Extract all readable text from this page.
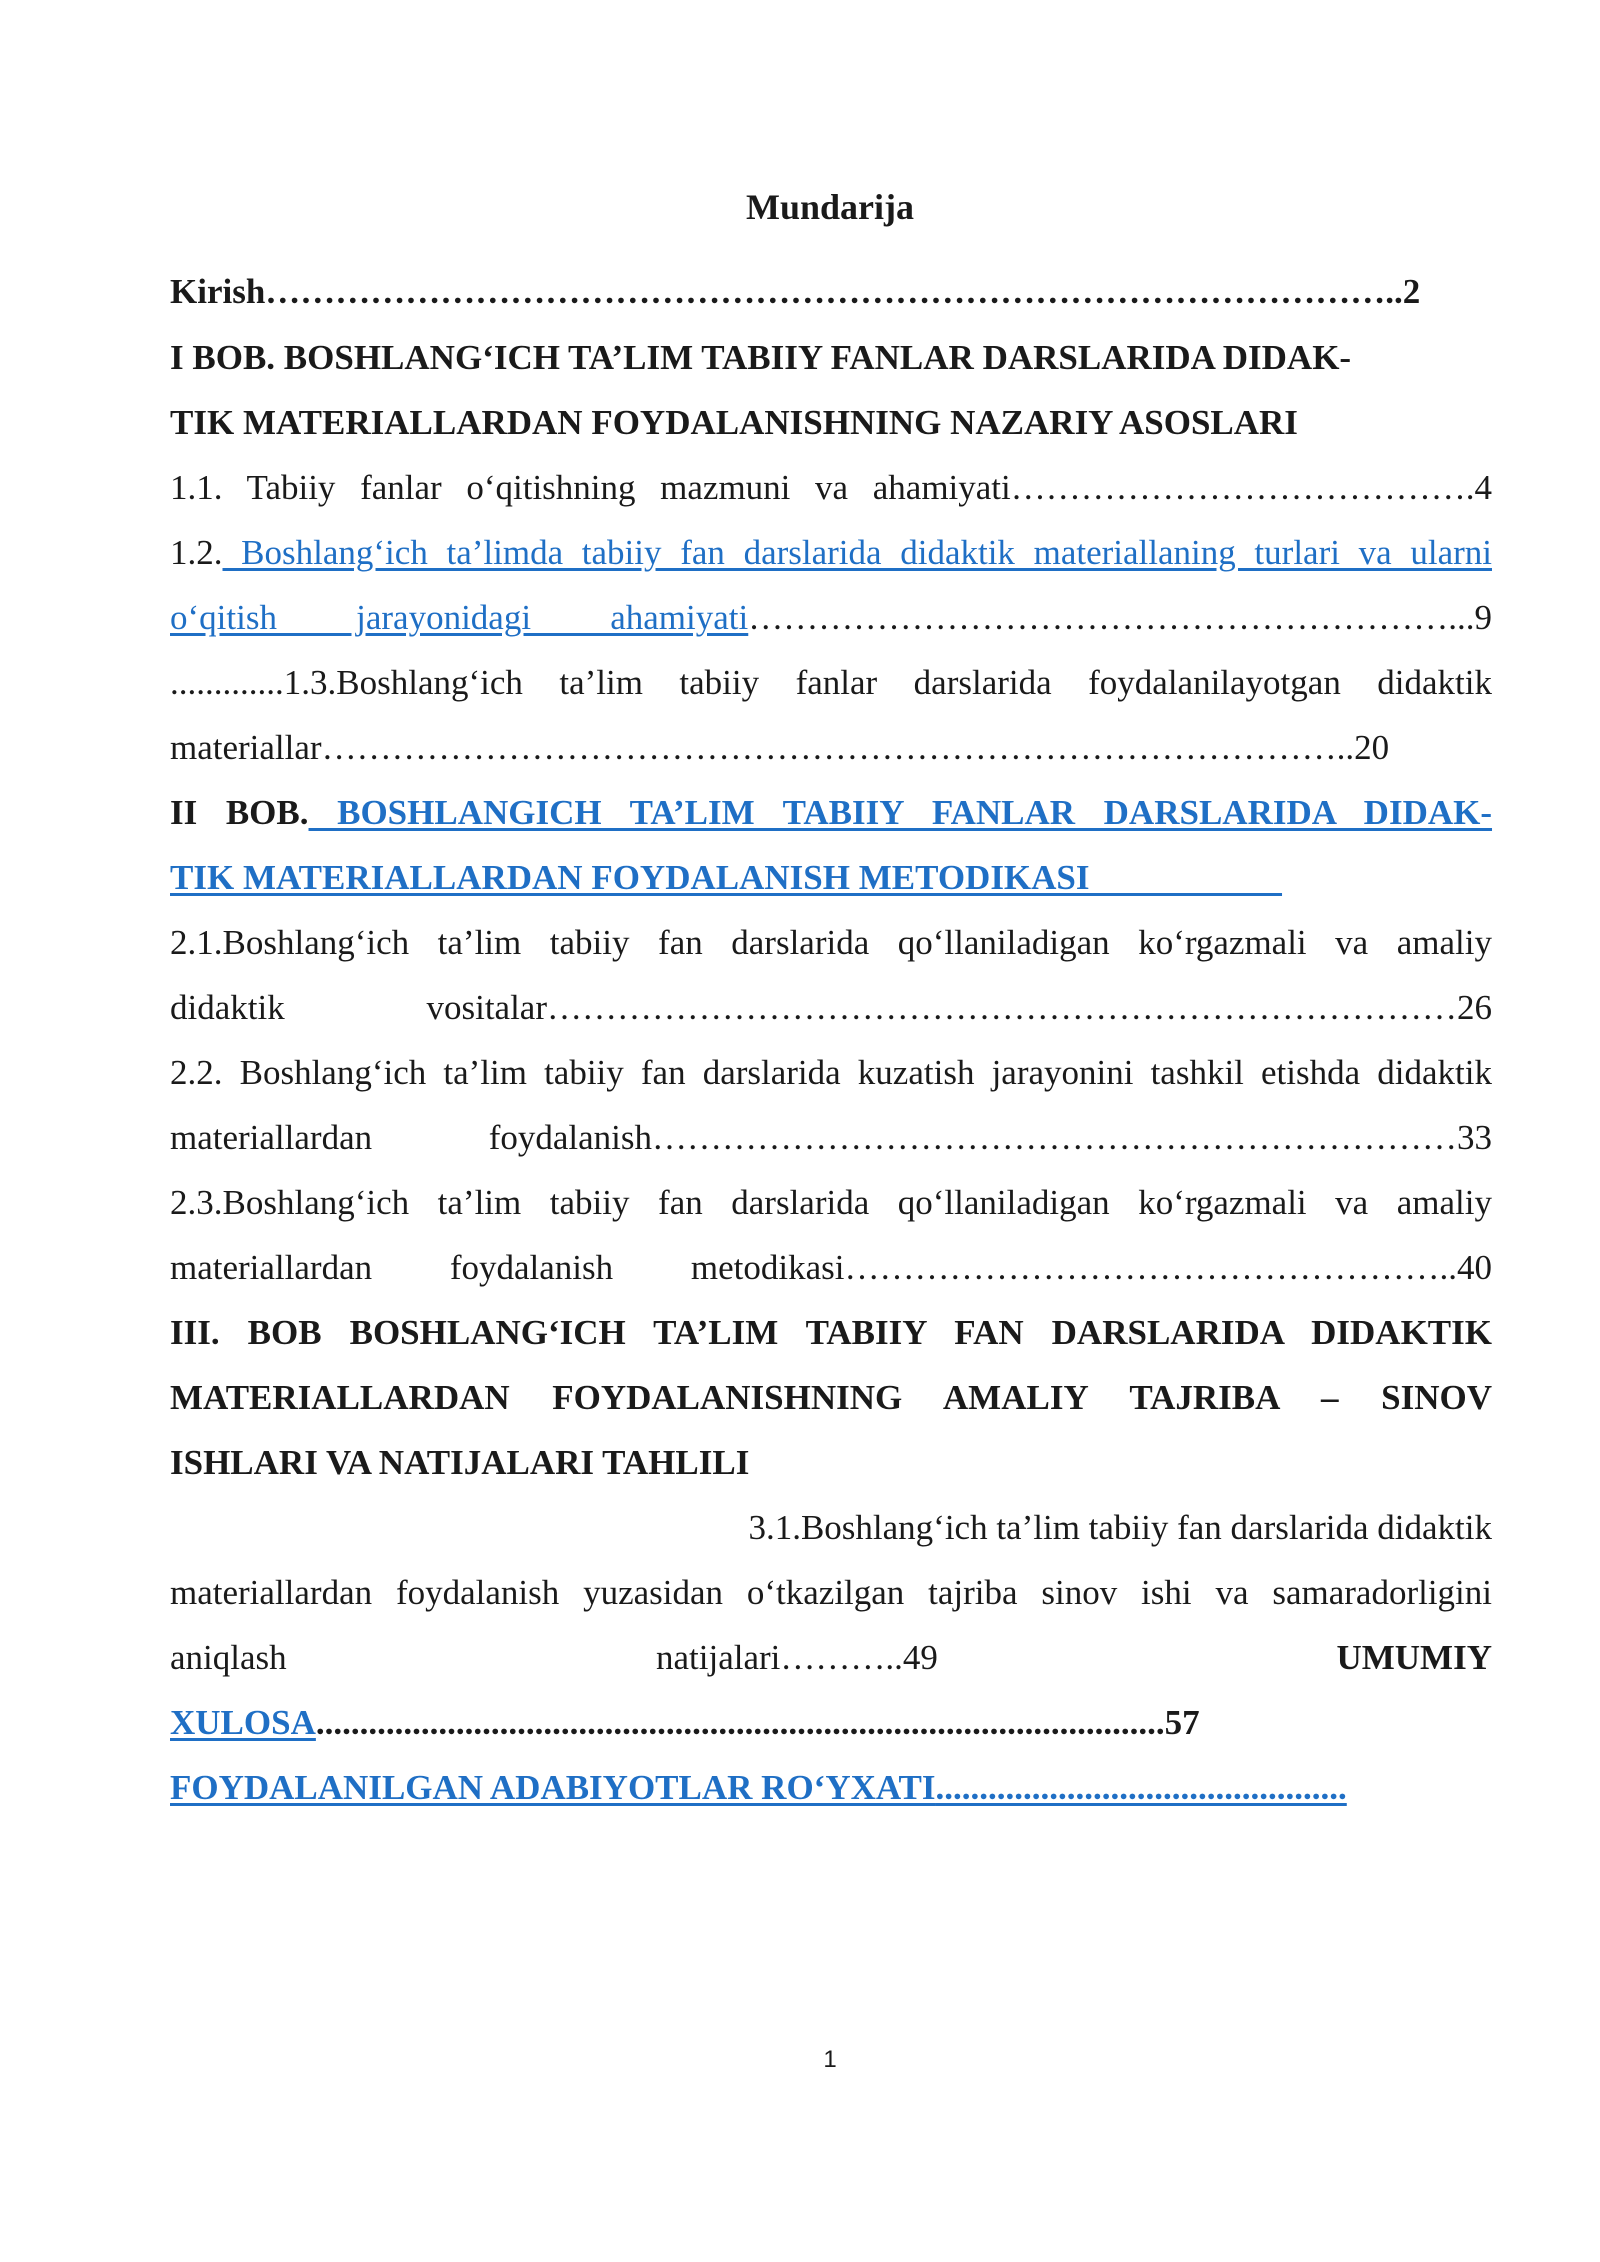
Mundarija
Kirish……………………………………………………………………………………..2
I BOB. BOSHLANG‘ICH TA’LIM TABIIY FANLAR DARSLARIDA DIDAK-
TIK MATERIALLARDAN FOYDALANISHNING NAZARIY ASOSLARI
1.1. Tabiiy fanlar o‘qitishning mazmuni va ahamiyati………………………………….4
1.2. Boshlang‘ich ta’limda tabiiy fan darslarida didaktik materiallaning turlari va ularni
o‘qitish jarayonidagi ahamiyati……………………………………………………...9
.............1.3.Boshlang‘ich ta’lim tabiiy fanlar darslarida foydalanilayotgan didaktik
materiallar……………………………………………………………………………..20
II BOB. BOSHLANGICH TA’LIM TABIIY FANLAR DARSLARIDA DIDAK-
TIK MATERIALLARDAN FOYDALANISH METODIKASI
2.1.Boshlang‘ich ta’lim tabiiy fan darslarida qo‘llaniladigan ko‘rgazmali va amaliy
didaktik vositalar……………………………………………………………………26
2.2. Boshlang‘ich ta’lim tabiiy fan darslarida kuzatish jarayonini tashkil etishda didaktik
materiallardan foydalanish……………………………………………………………33
2.3.Boshlang‘ich ta’lim tabiiy fan darslarida qo‘llaniladigan ko‘rgazmali va amaliy
materiallardan foydalanish metodikasi……………………………………………..40
III. BOB BOSHLANG‘ICH TA’LIM TABIIY FAN DARSLARIDA DIDAKTIK
MATERIALLARDAN FOYDALANISHNING AMALIY TAJRIBA – SINOV
ISHLARI VA NATIJALARI TAHLILI
3.1.Boshlang‘ich ta’lim tabiiy fan darslarida didaktik
materiallardan foydalanish yuzasidan o‘tkazilgan tajriba sinov ishi va samaradorligini
aniqlash	natijalari………..49	UMUMIY
XULOSA.................................................................................................57
FOYDALANILGAN ADABIYOTLAR RO‘YXATI...............................................
1
